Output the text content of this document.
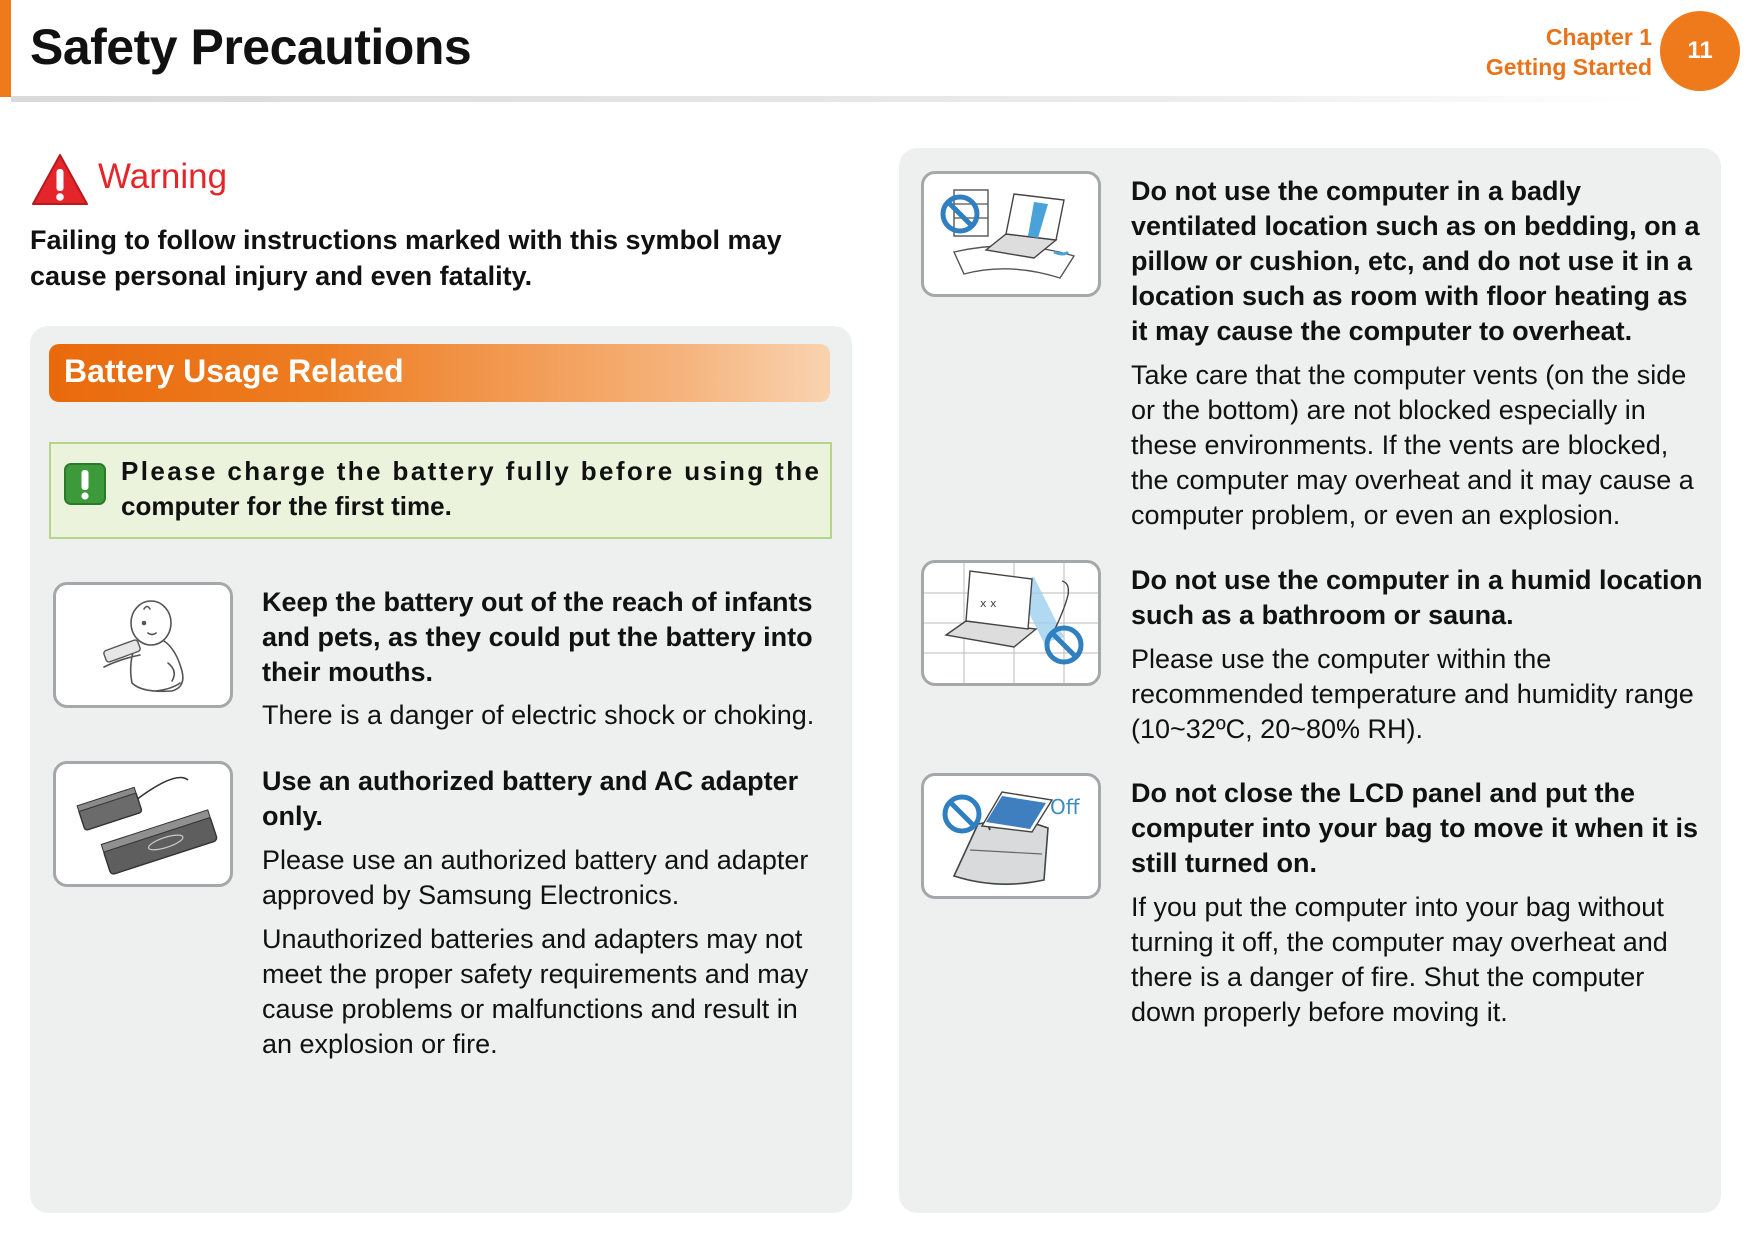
Safety Precautions	Chapter 1
Getting Started
11
Warning
Failing to follow instructions marked with this symbol may cause personal injury and even fatality.
Battery Usage Related
Please charge the battery fully before using the
computer for the first time.
Keep the battery out of the reach of infants and pets, as they could put the battery into their mouths.
There is a danger of electric shock or choking.
Use an authorized battery and AC adapter only.
Please use an authorized battery and adapter approved by Samsung Electronics.
Unauthorized batteries and adapters may not meet the proper safety requirements and may cause problems or malfunctions and result in an explosion or fire.
Do not use the computer in a badly ventilated location such as on bedding, on a pillow or cushion, etc, and do not use it in a location such as room with floor heating as it may cause the computer to overheat.
Take care that the computer vents (on the side or the bottom) are not blocked especially in these environments. If the vents are blocked, the computer may overheat and it may cause a computer problem, or even an explosion.
x x
Do not use the computer in a humid location such as a bathroom or sauna.
Please use the computer within the recommended temperature and humidity range (10~32ºC, 20~80% RH).
Off Do not close the LCD panel and put the computer into your bag to move it when it is still turned on.
If you put the computer into your bag without turning it off, the computer may overheat and there is a danger of fire. Shut the computer down properly before moving it.
